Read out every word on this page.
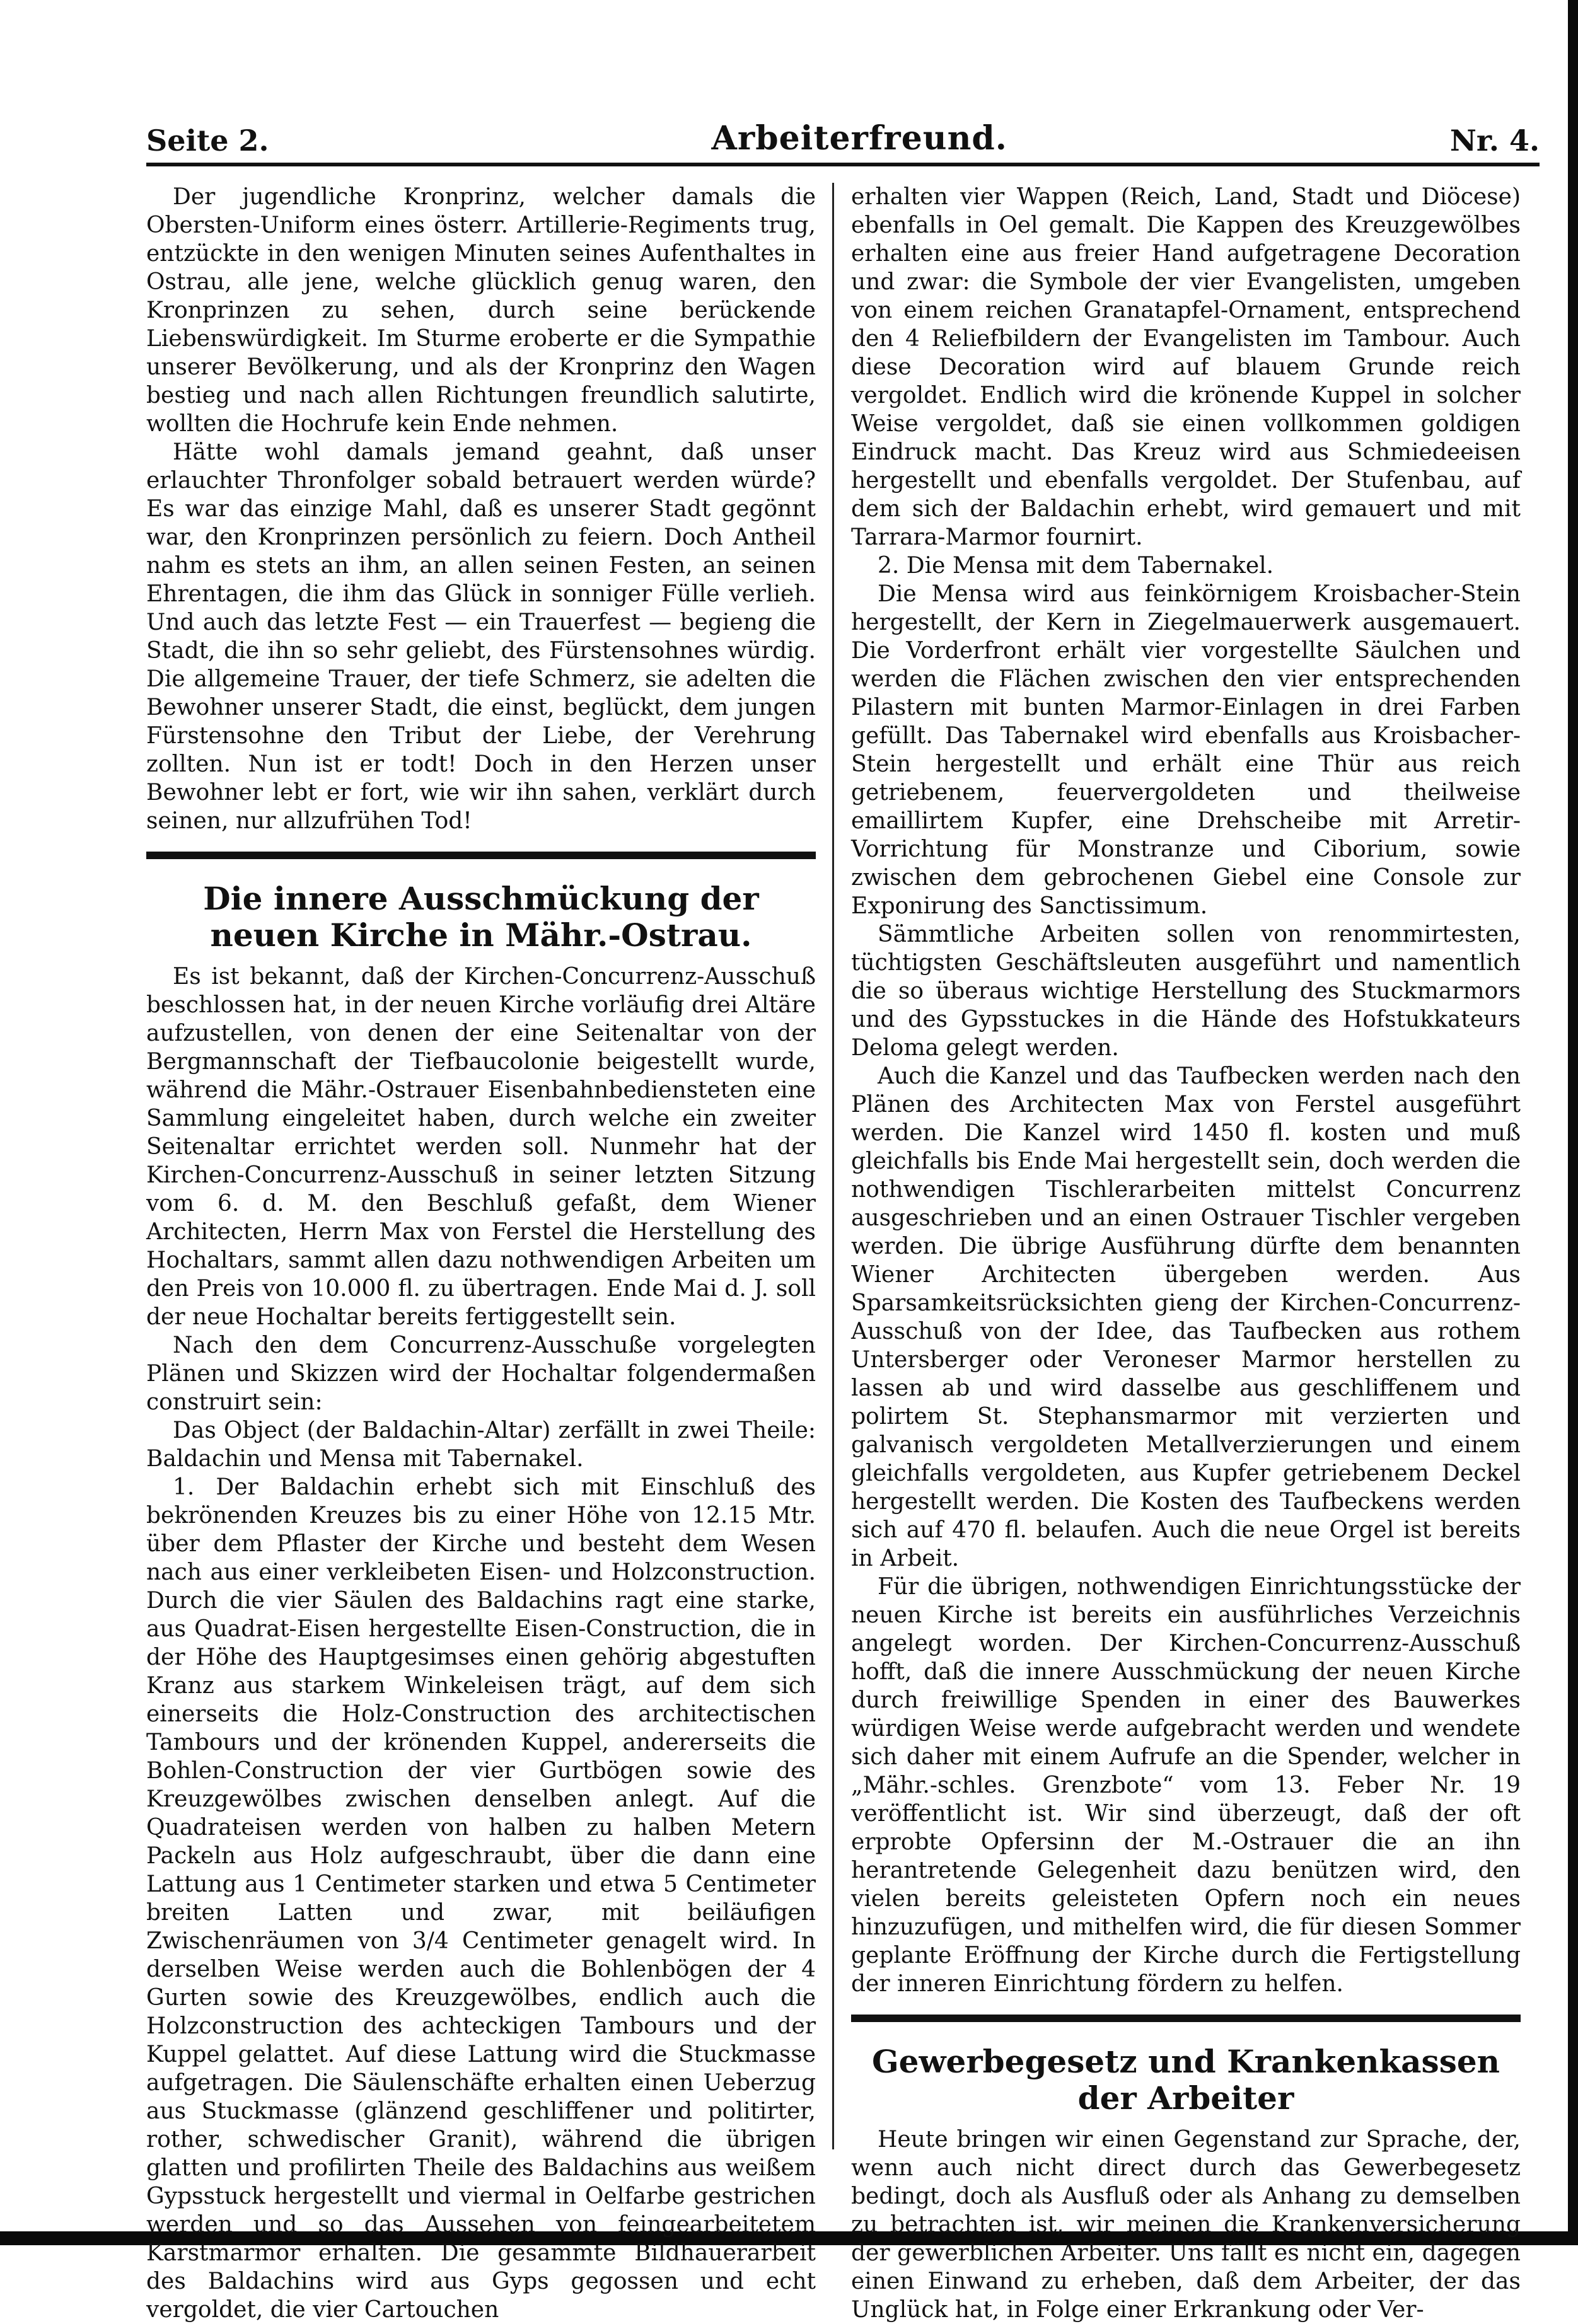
Seite 2.	Arbeiterfreund.	Nr. 4.

Der jugendliche Kronprinz, welcher damals die Obersten-Uniform eines österr. Artillerie-Regiments trug, entzückte in den wenigen Minuten seines Aufenthaltes in Ostrau, alle jene, welche glücklich genug waren, den Kronprinzen zu sehen, durch seine berückende Liebenswürdigkeit. Im Sturme eroberte er die Sympathie unserer Bevölkerung, und als der Kronprinz den Wagen bestieg und nach allen Richtungen freundlich salutirte, wollten die Hochrufe kein Ende nehmen.

Hätte wohl damals jemand geahnt, daß unser erlauchter Thronfolger sobald betrauert werden würde? Es war das einzige Mahl, daß es unserer Stadt gegönnt war, den Kronprinzen persönlich zu feiern. Doch Antheil nahm es stets an ihm, an allen seinen Festen, an seinen Ehrentagen, die ihm das Glück in sonniger Fülle verlieh. Und auch das letzte Fest — ein Trauerfest — begieng die Stadt, die ihn so sehr geliebt, des Fürstensohnes würdig. Die allgemeine Trauer, der tiefe Schmerz, sie adelten die Bewohner unserer Stadt, die einst, beglückt, dem jungen Fürstensohne den Tribut der Liebe, der Verehrung zollten. Nun ist er todt! Doch in den Herzen unser Bewohner lebt er fort, wie wir ihn sahen, verklärt durch seinen, nur allzufrühen Tod!

Die innere Ausschmückung der neuen Kirche in Mähr.-Ostrau.

Es ist bekannt, daß der Kirchen-Concurrenz-Ausschuß beschlossen hat, in der neuen Kirche vorläufig drei Altäre aufzustellen, von denen der eine Seitenaltar von der Bergmannschaft der Tiefbaucolonie beigestellt wurde, während die Mähr.-Ostrauer Eisenbahnbediensteten eine Sammlung eingeleitet haben, durch welche ein zweiter Seitenaltar errichtet werden soll. Nunmehr hat der Kirchen-Concurrenz-Ausschuß in seiner letzten Sitzung vom 6. d. M. den Beschluß gefaßt, dem Wiener Architecten, Herrn Max von Ferstel die Herstellung des Hochaltars, sammt allen dazu nothwendigen Arbeiten um den Preis von 10.000 fl. zu übertragen. Ende Mai d. J. soll der neue Hochaltar bereits fertiggestellt sein.

Nach den dem Concurrenz-Ausschuße vorgelegten Plänen und Skizzen wird der Hochaltar folgendermaßen construirt sein:

Das Object (der Baldachin-Altar) zerfällt in zwei Theile: Baldachin und Mensa mit Tabernakel.

1. Der Baldachin erhebt sich mit Einschluß des bekrönenden Kreuzes bis zu einer Höhe von 12.15 Mtr. über dem Pflaster der Kirche und besteht dem Wesen nach aus einer verkleibeten Eisen- und Holzconstruction. Durch die vier Säulen des Baldachins ragt eine starke, aus Quadrat-Eisen hergestellte Eisen-Construction, die in der Höhe des Hauptgesimses einen gehörig abgestuften Kranz aus starkem Winkeleisen trägt, auf dem sich einerseits die Holz-Construction des architectischen Tambours und der krönenden Kuppel, andererseits die Bohlen-Construction der vier Gurtbögen sowie des Kreuzgewölbes zwischen denselben anlegt. Auf die Quadrateisen werden von halben zu halben Metern Packeln aus Holz aufgeschraubt, über die dann eine Lattung aus 1 Centimeter starken und etwa 5 Centimeter breiten Latten und zwar, mit beiläufigen Zwischenräumen von 3/4 Centimeter genagelt wird. In derselben Weise werden auch die Bohlenbögen der 4 Gurten sowie des Kreuzgewölbes, endlich auch die Holzconstruction des achteckigen Tambours und der Kuppel gelattet. Auf diese Lattung wird die Stuckmasse aufgetragen. Die Säulenschäfte erhalten einen Ueberzug aus Stuckmasse (glänzend geschliffener und politirter, rother, schwedischer Granit), während die übrigen glatten und profilirten Theile des Baldachins aus weißem Gypsstuck hergestellt und viermal in Oelfarbe gestrichen werden und so das Aussehen von feingearbeitetem Karstmarmor erhalten. Die gesammte Bildhauerarbeit des Baldachins wird aus Gyps gegossen und echt vergoldet, die vier Cartouchen

erhalten vier Wappen (Reich, Land, Stadt und Diöcese) ebenfalls in Oel gemalt. Die Kappen des Kreuzgewölbes erhalten eine aus freier Hand aufgetragene Decoration und zwar: die Symbole der vier Evangelisten, umgeben von einem reichen Granatapfel-Ornament, entsprechend den 4 Reliefbildern der Evangelisten im Tambour. Auch diese Decoration wird auf blauem Grunde reich vergoldet. Endlich wird die krönende Kuppel in solcher Weise vergoldet, daß sie einen vollkommen goldigen Eindruck macht. Das Kreuz wird aus Schmiedeeisen hergestellt und ebenfalls vergoldet. Der Stufenbau, auf dem sich der Baldachin erhebt, wird gemauert und mit Tarrara-Marmor fournirt.

2. Die Mensa mit dem Tabernakel.

Die Mensa wird aus feinkörnigem Kroisbacher-Stein hergestellt, der Kern in Ziegelmauerwerk ausgemauert. Die Vorderfront erhält vier vorgestellte Säulchen und werden die Flächen zwischen den vier entsprechenden Pilastern mit bunten Marmor-Einlagen in drei Farben gefüllt. Das Tabernakel wird ebenfalls aus Kroisbacher-Stein hergestellt und erhält eine Thür aus reich getriebenem, feuervergoldeten und theilweise emaillirtem Kupfer, eine Drehscheibe mit Arretir-Vorrichtung für Monstranze und Ciborium, sowie zwischen dem gebrochenen Giebel eine Console zur Exponirung des Sanctissimum.

Sämmtliche Arbeiten sollen von renommirtesten, tüchtigsten Geschäftsleuten ausgeführt und namentlich die so überaus wichtige Herstellung des Stuckmarmors und des Gypsstuckes in die Hände des Hofstukkateurs Deloma gelegt werden.

Auch die Kanzel und das Taufbecken werden nach den Plänen des Architecten Max von Ferstel ausgeführt werden. Die Kanzel wird 1450 fl. kosten und muß gleichfalls bis Ende Mai hergestellt sein, doch werden die nothwendigen Tischlerarbeiten mittelst Concurrenz ausgeschrieben und an einen Ostrauer Tischler vergeben werden. Die übrige Ausführung dürfte dem benannten Wiener Architecten übergeben werden. Aus Sparsamkeitsrücksichten gieng der Kirchen-Concurrenz-Ausschuß von der Idee, das Taufbecken aus rothem Untersberger oder Veroneser Marmor herstellen zu lassen ab und wird dasselbe aus geschliffenem und polirtem St. Stephansmarmor mit verzierten und galvanisch vergoldeten Metallverzierungen und einem gleichfalls vergoldeten, aus Kupfer getriebenem Deckel hergestellt werden. Die Kosten des Taufbeckens werden sich auf 470 fl. belaufen. Auch die neue Orgel ist bereits in Arbeit.

Für die übrigen, nothwendigen Einrichtungsstücke der neuen Kirche ist bereits ein ausführliches Verzeichnis angelegt worden. Der Kirchen-Concurrenz-Ausschuß hofft, daß die innere Ausschmückung der neuen Kirche durch freiwillige Spenden in einer des Bauwerkes würdigen Weise werde aufgebracht werden und wendete sich daher mit einem Aufrufe an die Spender, welcher in „Mähr.-schles. Grenzbote“ vom 13. Feber Nr. 19 veröffentlicht ist. Wir sind überzeugt, daß der oft erprobte Opfersinn der M.-Ostrauer die an ihn herantretende Gelegenheit dazu benützen wird, den vielen bereits geleisteten Opfern noch ein neues hinzuzufügen, und mithelfen wird, die für diesen Sommer geplante Eröffnung der Kirche durch die Fertigstellung der inneren Einrichtung fördern zu helfen.

Gewerbegesetz und Krankenkassen der Arbeiter

Heute bringen wir einen Gegenstand zur Sprache, der, wenn auch nicht direct durch das Gewerbegesetz bedingt, doch als Ausfluß oder als Anhang zu demselben zu betrachten ist, wir meinen die Krankenversicherung der gewerblichen Arbeiter. Uns fällt es nicht ein, dagegen einen Einwand zu erheben, daß dem Arbeiter, der das Unglück hat, in Folge einer Erkrankung oder Ver-
